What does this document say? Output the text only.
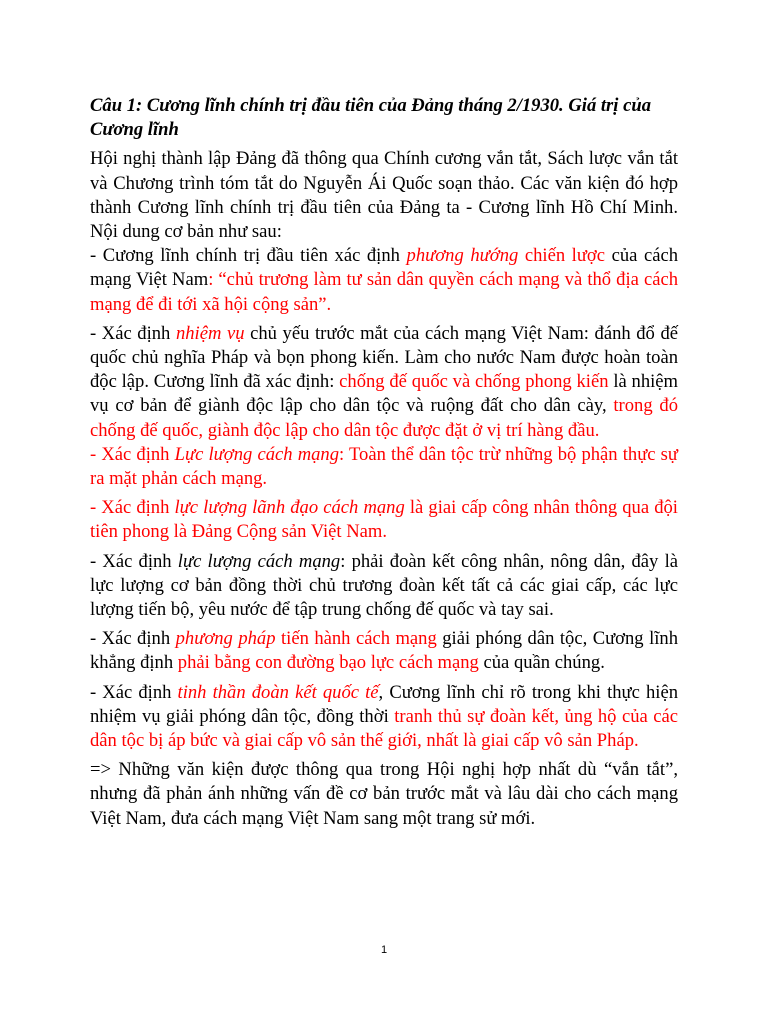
Câu 1: Cương lĩnh chính trị đầu tiên của Đảng tháng 2/1930. Giá trị của Cương lĩnh

Hội nghị thành lập Đảng đã thông qua Chính cương vắn tắt, Sách lược vắn tắt và Chương trình tóm tắt do Nguyễn Ái Quốc soạn thảo. Các văn kiện đó hợp thành Cương lĩnh chính trị đầu tiên của Đảng ta - Cương lĩnh Hồ Chí Minh. Nội dung cơ bản như sau:

- Cương lĩnh chính trị đầu tiên xác định phương hướng chiến lược của cách mạng Việt Nam: “chủ trương làm tư sản dân quyền cách mạng và thổ địa cách mạng để đi tới xã hội cộng sản”.

- Xác định nhiệm vụ chủ yếu trước mắt của cách mạng Việt Nam: đánh đổ đế quốc chủ nghĩa Pháp và bọn phong kiến. Làm cho nước Nam được hoàn toàn độc lập. Cương lĩnh đã xác định: chống đế quốc và chống phong kiến là nhiệm vụ cơ bản để giành độc lập cho dân tộc và ruộng đất cho dân cày, trong đó chống đế quốc, giành độc lập cho dân tộc được đặt ở vị trí hàng đầu.

- Xác định Lực lượng cách mạng: Toàn thể dân tộc trừ những bộ phận thực sự ra mặt phản cách mạng.

- Xác định lực lượng lãnh đạo cách mạng là giai cấp công nhân thông qua đội tiên phong là Đảng Cộng sản Việt Nam.

- Xác định lực lượng cách mạng: phải đoàn kết công nhân, nông dân, đây là lực lượng cơ bản đồng thời chủ trương đoàn kết tất cả các giai cấp, các lực lượng tiến bộ, yêu nước để tập trung chống đế quốc và tay sai.

- Xác định phương pháp tiến hành cách mạng giải phóng dân tộc, Cương lĩnh khẳng định phải bằng con đường bạo lực cách mạng của quần chúng.

- Xác định tinh thần đoàn kết quốc tế, Cương lĩnh chỉ rõ trong khi thực hiện nhiệm vụ giải phóng dân tộc, đồng thời tranh thủ sự đoàn kết, ủng hộ của các dân tộc bị áp bức và giai cấp vô sản thế giới, nhất là giai cấp vô sản Pháp.

=> Những văn kiện được thông qua trong Hội nghị hợp nhất dù “vắn tắt”, nhưng đã phản ánh những vấn đề cơ bản trước mắt và lâu dài cho cách mạng Việt Nam, đưa cách mạng Việt Nam sang một trang sử mới.

1
